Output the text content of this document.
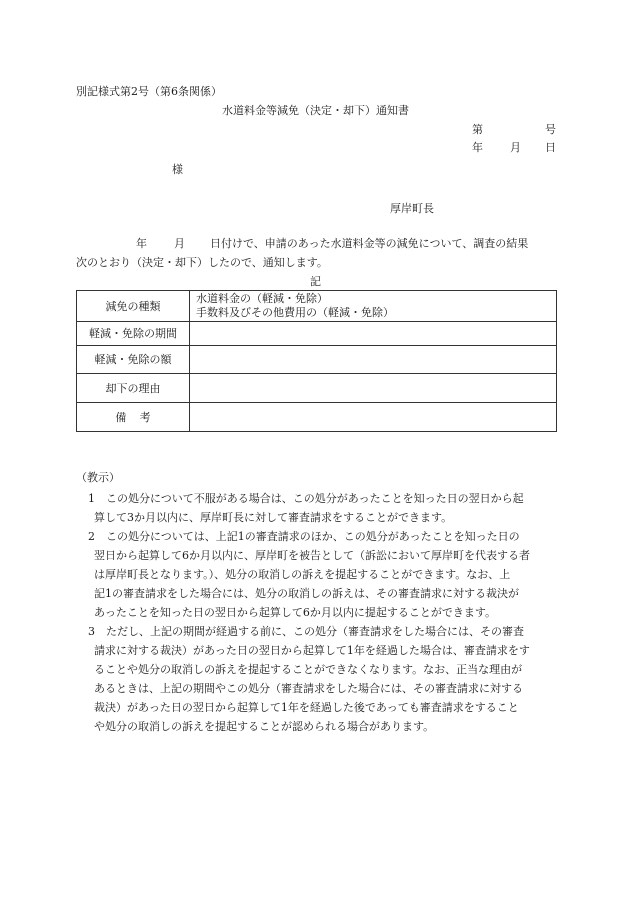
別記様式第2号（第6条関係）
水道料金等減免（決定・却下）通知書
第	号
年 月 日
様
厚岸町長
年 月 日付けで、申請のあった水道料金等の減免について、調査の結果
次のとおり（決定・却下）したので、通知します。
記
減免の種類	水道料金の（軽減・免除）
手数料及びその他費用の（軽減・免除）

軽減・免除の期間	
軽減・免除の額	
却下の理由	
備考	
（教示）
1	この処分について不服がある場合は、この処分があったことを知った日の翌日から起
算して3か月以内に、厚岸町長に対して審査請求をすることができます。
2	この処分については、上記1の審査請求のほか、この処分があったことを知った日の
翌日から起算して6か月以内に、厚岸町を被告として（訴訟において厚岸町を代表する者
は厚岸町長となります。）、処分の取消しの訴えを提起することができます。なお、上
記1の審査請求をした場合には、処分の取消しの訴えは、その審査請求に対する裁決が
あったことを知った日の翌日から起算して6か月以内に提起することができます。
3	ただし、上記の期間が経過する前に、この処分（審査請求をした場合には、その審査
請求に対する裁決）があった日の翌日から起算して1年を経過した場合は、審査請求をす
ることや処分の取消しの訴えを提起することができなくなります。なお、正当な理由が
あるときは、上記の期間やこの処分（審査請求をした場合には、その審査請求に対する
裁決）があった日の翌日から起算して1年を経過した後であっても審査請求をすること
や処分の取消しの訴えを提起することが認められる場合があります。
